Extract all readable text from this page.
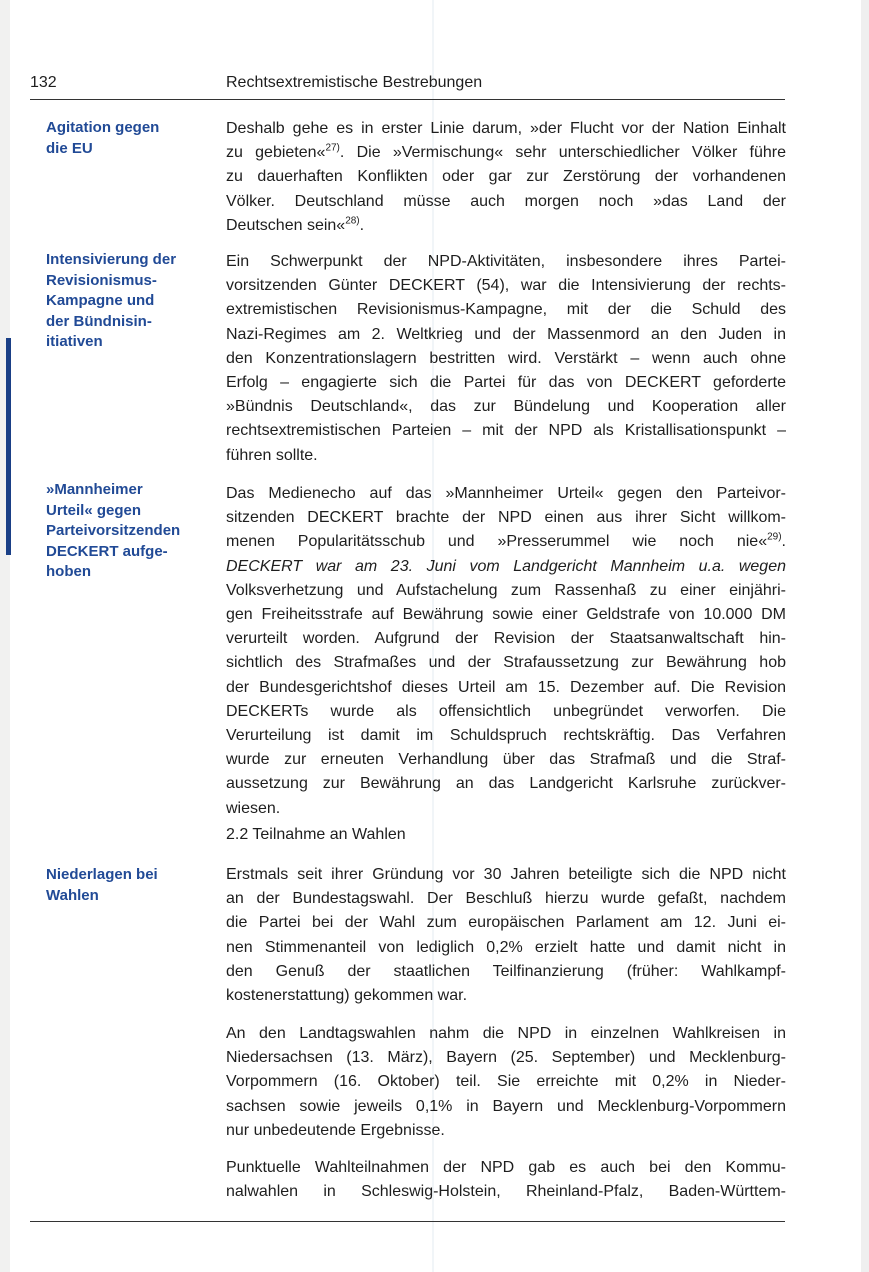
132	Rechtsextremistische Bestrebungen
Agitation gegen
die EU
Intensivierung der
Revisionismus-
Kampagne und
der Bündnisin-
itiativen
»Mannheimer
Urteil« gegen
Parteivorsitzenden
DECKERT aufge-
hoben
Niederlagen bei
Wahlen
Deshalb gehe es in erster Linie darum, »der Flucht vor der Nation Einhalt
zu gebieten«$^{27)}$. Die »Vermischung« sehr unterschiedlicher Völker führe
zu dauerhaften Konflikten oder gar zur Zerstörung der vorhandenen
Völker. Deutschland müsse auch morgen noch »das Land der
Deutschen sein«$^{28)}$.
Ein Schwerpunkt der NPD-Aktivitäten, insbesondere ihres Partei-
vorsitzenden Günter DECKERT (54), war die Intensivierung der rechts-
extremistischen Revisionismus-Kampagne, mit der die Schuld des
Nazi-Regimes am 2. Weltkrieg und der Massenmord an den Juden in
den Konzentrationslagern bestritten wird. Verstärkt – wenn auch ohne
Erfolg – engagierte sich die Partei für das von DECKERT geforderte
»Bündnis Deutschland«, das zur Bündelung und Kooperation aller
rechtsextremistischen Parteien – mit der NPD als Kristallisationspunkt –
führen sollte.
Das Medienecho auf das »Mannheimer Urteil« gegen den Parteivor-
sitzenden DECKERT brachte der NPD einen aus ihrer Sicht willkom-
menen Popularitätsschub und »Presserummel wie noch nie«$^{29)}$.
DECKERT war am 23. Juni vom Landgericht Mannheim u.a. wegen
Volksverhetzung und Aufstachelung zum Rassenhaß zu einer einjähri-
gen Freiheitsstrafe auf Bewährung sowie einer Geldstrafe von 10.000 DM
verurteilt worden. Aufgrund der Revision der Staatsanwaltschaft hin-
sichtlich des Strafmaßes und der Strafaussetzung zur Bewährung hob
der Bundesgerichtshof dieses Urteil am 15. Dezember auf. Die Revision
DECKERTs wurde als offensichtlich unbegründet verworfen. Die
Verurteilung ist damit im Schuldspruch rechtskräftig. Das Verfahren
wurde zur erneuten Verhandlung über das Strafmaß und die Straf-
aussetzung zur Bewährung an das Landgericht Karlsruhe zurückver-
wiesen.
2.2 Teilnahme an Wahlen
Erstmals seit ihrer Gründung vor 30 Jahren beteiligte sich die NPD nicht
an der Bundestagswahl. Der Beschluß hierzu wurde gefaßt, nachdem
die Partei bei der Wahl zum europäischen Parlament am 12. Juni ei-
nen Stimmenanteil von lediglich 0,2% erzielt hatte und damit nicht in
den Genuß der staatlichen Teilfinanzierung (früher: Wahlkampf-
kostenerstattung) gekommen war.
An den Landtagswahlen nahm die NPD in einzelnen Wahlkreisen in
Niedersachsen (13. März), Bayern (25. September) und Mecklenburg-
Vorpommern (16. Oktober) teil. Sie erreichte mit 0,2% in Nieder-
sachsen sowie jeweils 0,1% in Bayern und Mecklenburg-Vorpommern
nur unbedeutende Ergebnisse.
Punktuelle Wahlteilnahmen der NPD gab es auch bei den Kommu-
nalwahlen in Schleswig-Holstein, Rheinland-Pfalz, Baden-Württem-
